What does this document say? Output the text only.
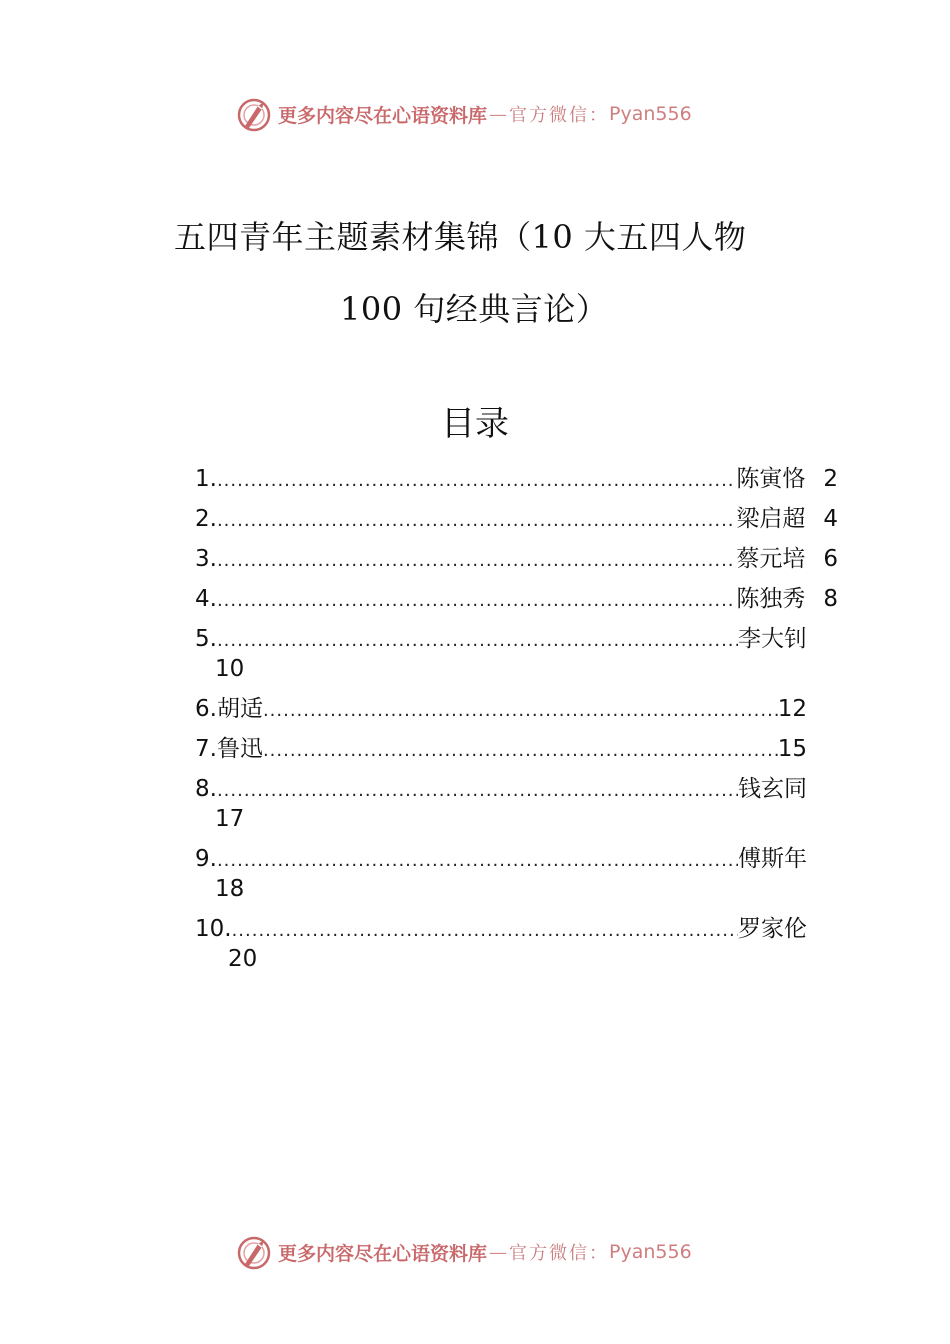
更多内容尽在心语资料库 — 官方微信： Pyan556
五四青年主题素材集锦（10 大五四人物
100 句经典言论）
目录
1. .....	陈寅恪 2
2. .....	梁启超 4
3. .....	蔡元培 6
4. .....	陈独秀 8
5. .....	李大钊
10
6. 胡适 .....	12
7. 鲁迅 .....	15
8. .....	钱玄同
17
9. .....	傅斯年
18
10. .....	罗家伦
20
更多内容尽在心语资料库 — 官方微信： Pyan556
